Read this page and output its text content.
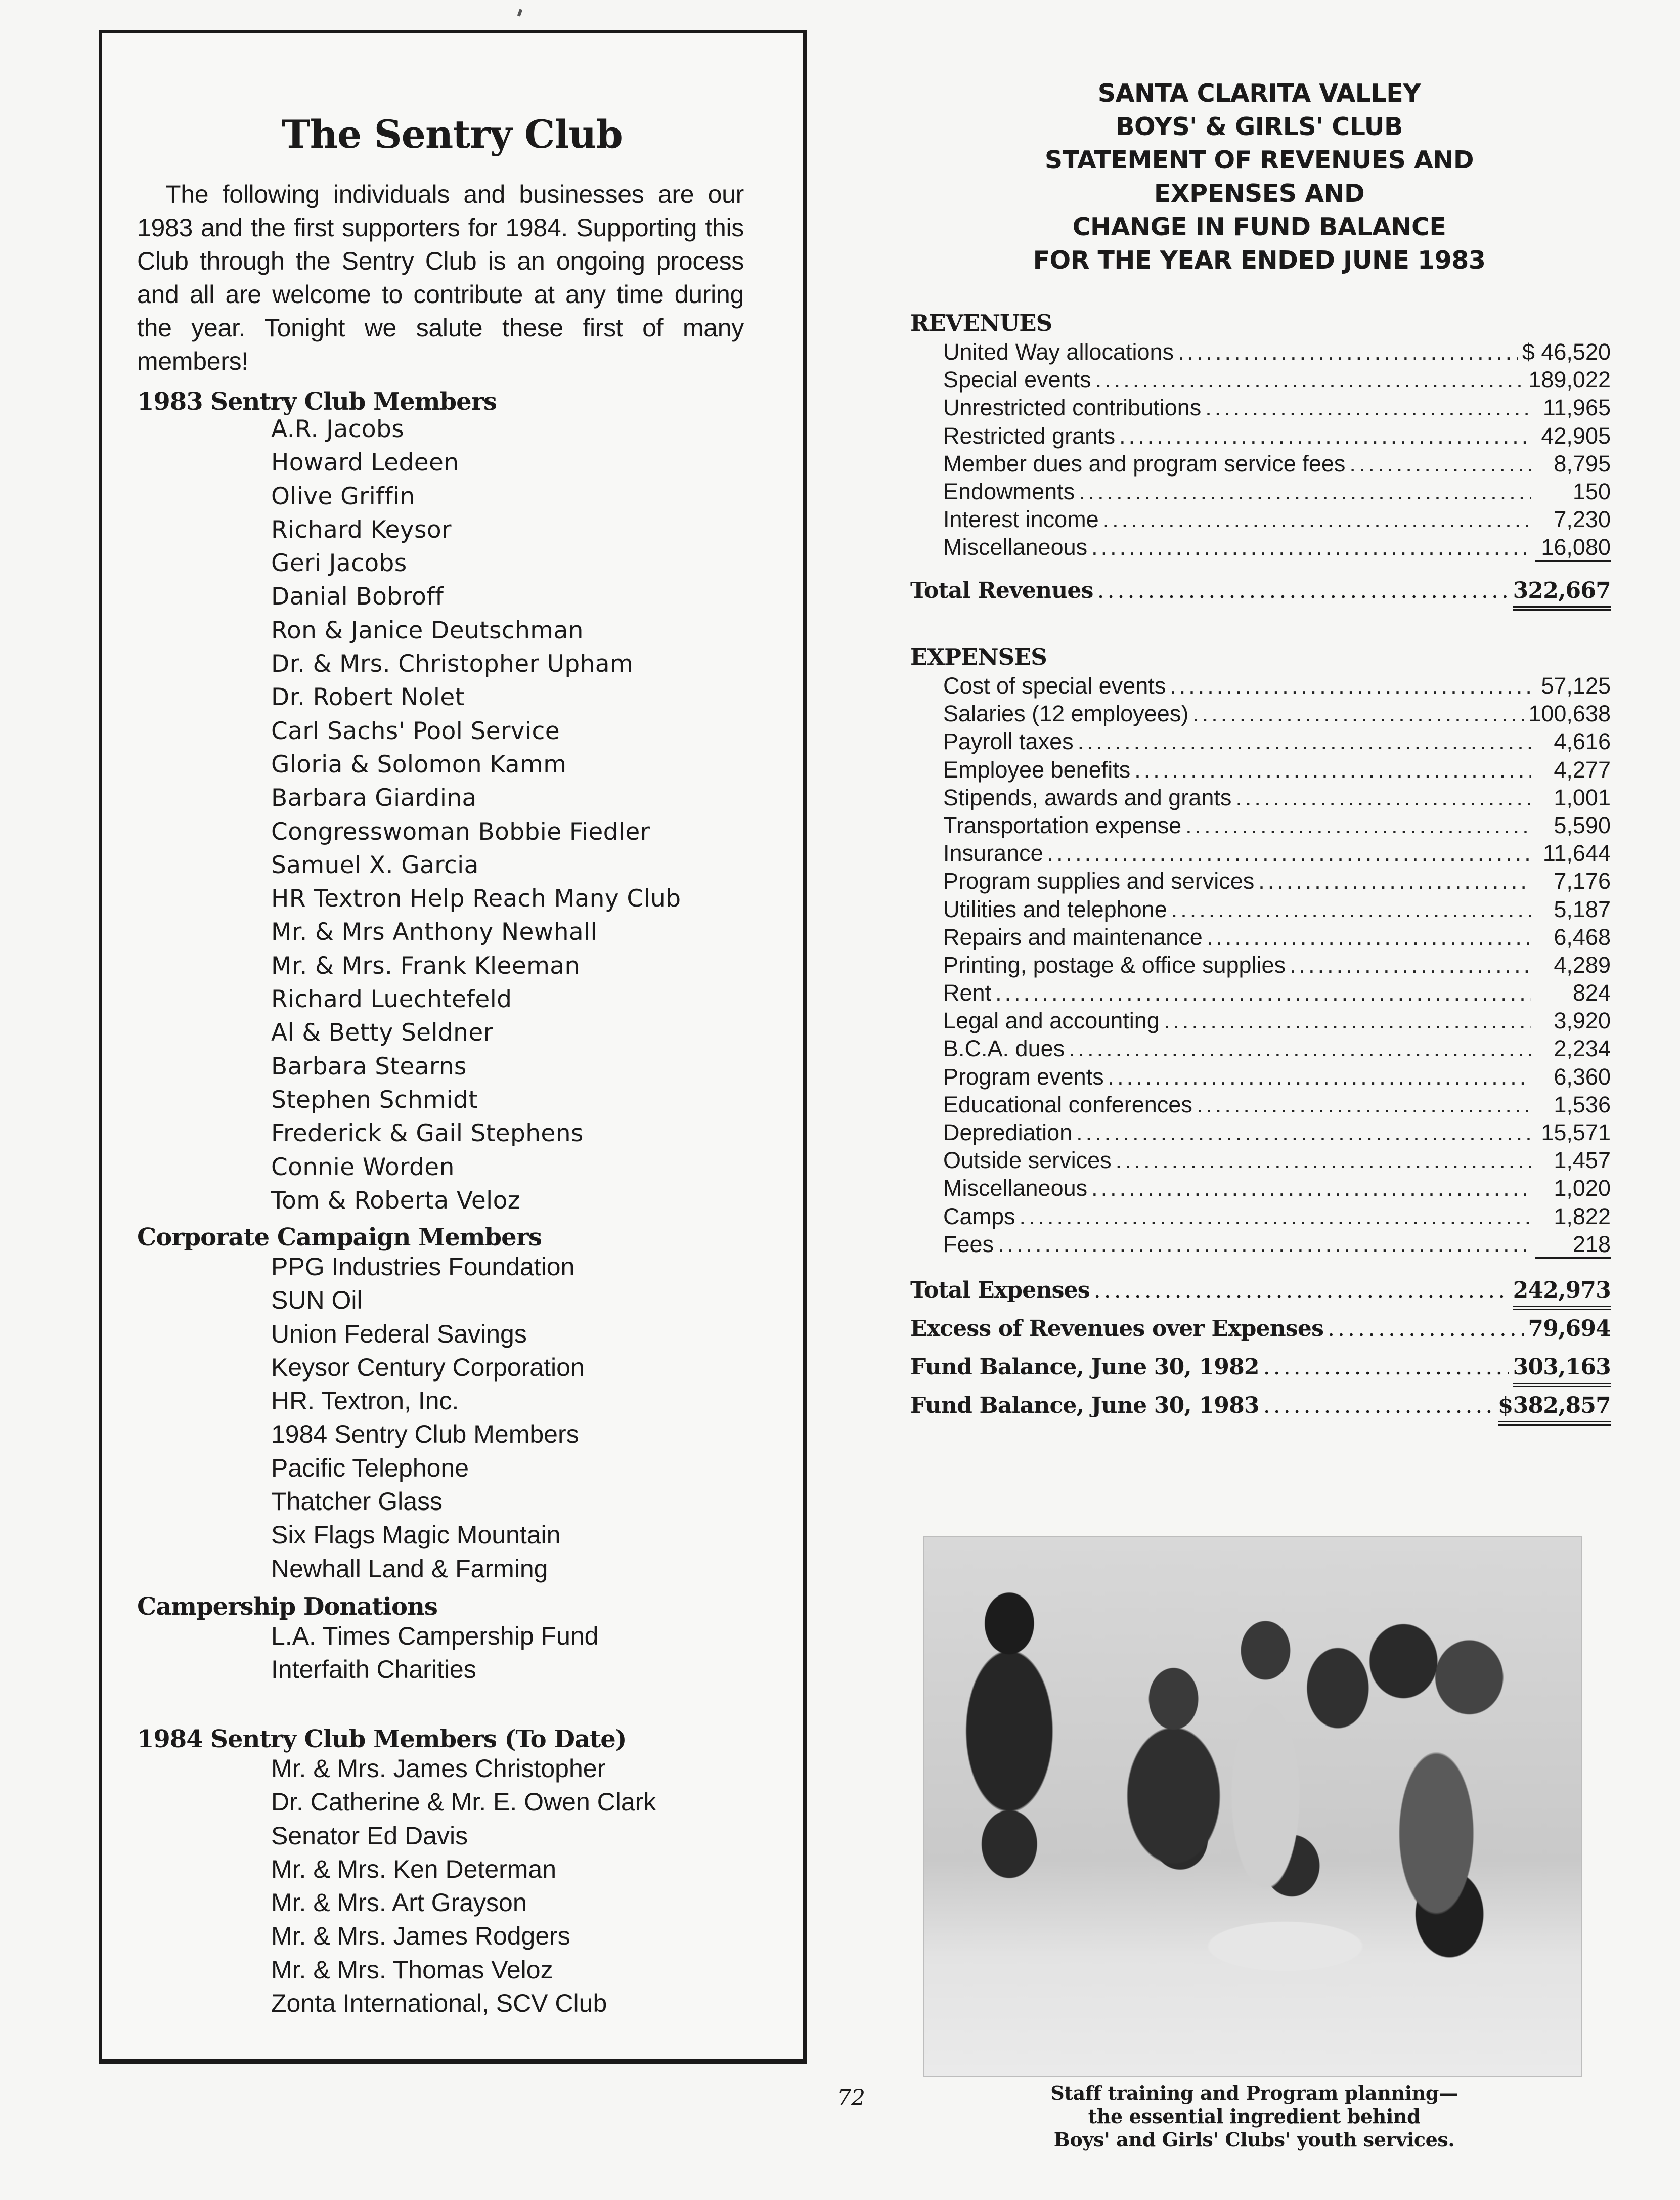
The Sentry Club
The following individuals and businesses are our 1983 and the first supporters for 1984. Supporting this Club through the Sentry Club is an ongoing process and all are welcome to contribute at any time during the year. Tonight we salute these first of many members!
1983 Sentry Club Members
A.R. Jacobs
Howard Ledeen
Olive Griffin
Richard Keysor
Geri Jacobs
Danial Bobroff
Ron & Janice Deutschman
Dr. & Mrs. Christopher Upham
Dr. Robert Nolet
Carl Sachs' Pool Service
Gloria & Solomon Kamm
Barbara Giardina
Congresswoman Bobbie Fiedler
Samuel X. Garcia
HR Textron Help Reach Many Club
Mr. & Mrs Anthony Newhall
Mr. & Mrs. Frank Kleeman
Richard Luechtefeld
Al & Betty Seldner
Barbara Stearns
Stephen Schmidt
Frederick & Gail Stephens
Connie Worden
Tom & Roberta Veloz
Corporate Campaign Members
PPG Industries Foundation
SUN Oil
Union Federal Savings
Keysor Century Corporation
HR. Textron, Inc.
1984 Sentry Club Members
Pacific Telephone
Thatcher Glass
Six Flags Magic Mountain
Newhall Land & Farming
Campership Donations
L.A. Times Campership Fund
Interfaith Charities
1984 Sentry Club Members (To Date)
Mr. & Mrs. James Christopher
Dr. Catherine & Mr. E. Owen Clark
Senator Ed Davis
Mr. & Mrs. Ken Determan
Mr. & Mrs. Art Grayson
Mr. & Mrs. James Rodgers
Mr. & Mrs. Thomas Veloz
Zonta International, SCV Club
SANTA CLARITA VALLEY
BOYS' & GIRLS' CLUB
STATEMENT OF REVENUES AND
EXPENSES AND
CHANGE IN FUND BALANCE
FOR THE YEAR ENDED JUNE 1983
REVENUES
United Way allocations .....	$ 46,520
Special events .....	189,022
Unrestricted contributions .....	11,965
Restricted grants .....	42,905
Member dues and program service fees .....	8,795
Endowments .....	150
Interest income .....	7,230
Miscellaneous .....	16,080
Total Revenues .....	322,667
EXPENSES
Cost of special events .....	57,125
Salaries (12 employees) .....	100,638
Payroll taxes .....	4,616
Employee benefits .....	4,277
Stipends, awards and grants .....	1,001
Transportation expense .....	5,590
Insurance .....	11,644
Program supplies and services .....	7,176
Utilities and telephone .....	5,187
Repairs and maintenance .....	6,468
Printing, postage & office supplies .....	4,289
Rent .....	824
Legal and accounting .....	3,920
B.C.A. dues .....	2,234
Program events .....	6,360
Educational conferences .....	1,536
Deprediation .....	15,571
Outside services .....	1,457
Miscellaneous .....	1,020
Camps .....	1,822
Fees .....	218
Total Expenses .....	242,973
Excess of Revenues over Expenses .....	79,694
Fund Balance, June 30, 1982 .....	303,163
Fund Balance, June 30, 1983 .....	$382,857
Staff training and Program planning—
the essential ingredient behind
Boys' and Girls' Clubs' youth services.
72
